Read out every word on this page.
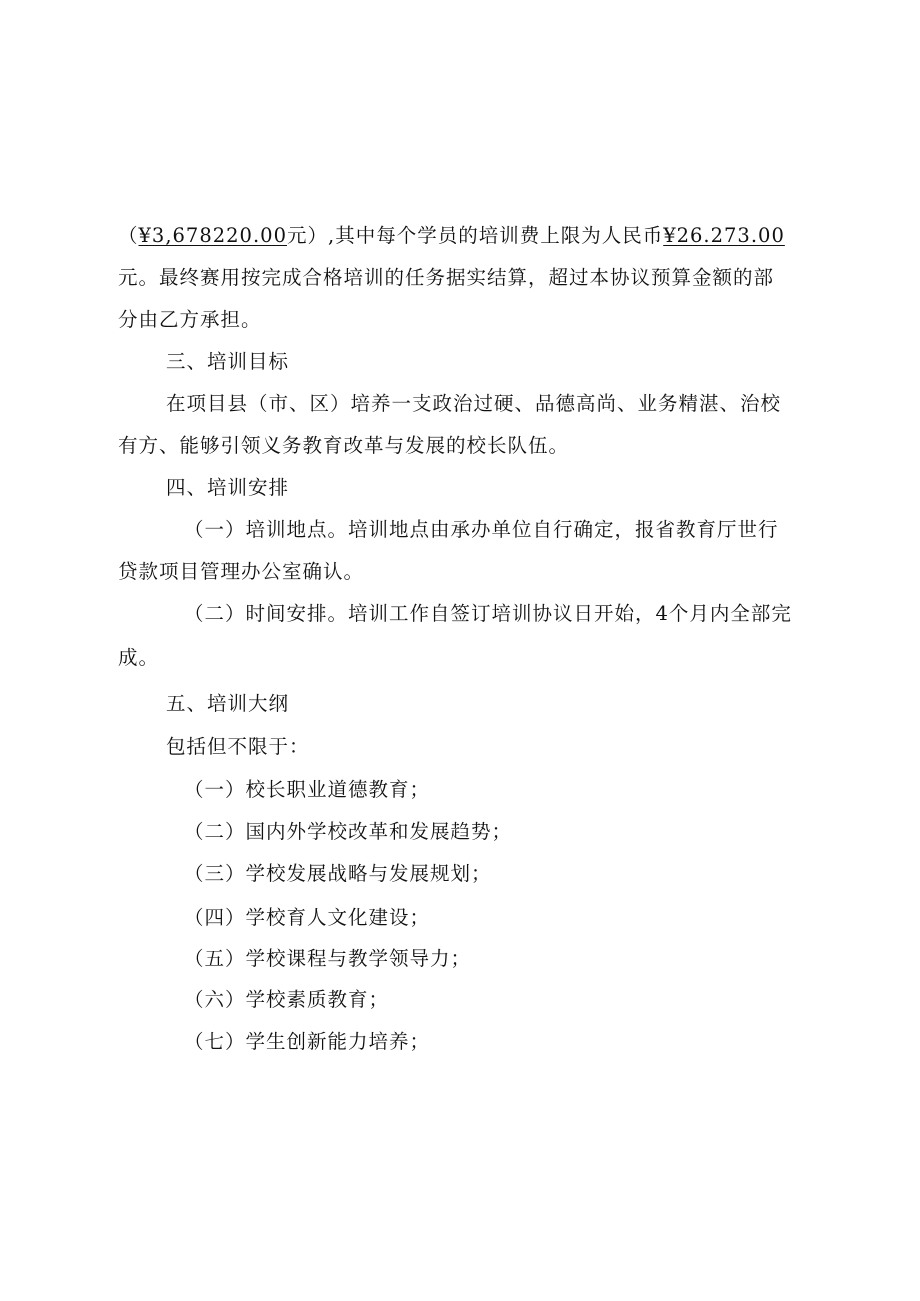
（¥3,678220.00元）,其中每个学员的培训费上限为人民币¥26.273.00
元。最终赛用按完成合格培训的任务据实结算，超过本协议预算金额的部
分由乙方承担。
三、培训目标
在项目县（市、区）培养一支政治过硬、品德高尚、业务精湛、治校
有方、能够引领义务教育改革与发展的校长队伍。
四、培训安排
（一）培训地点。培训地点由承办单位自行确定，报省教育厅世行
贷款项目管理办公室确认。
（二）时间安排。培训工作自签订培训协议日开始，4个月内全部完
成。
五、培训大纲
包括但不限于：
（一）校长职业道德教育；
（二）国内外学校改革和发展趋势；
（三）学校发展战略与发展规划；
（四）学校育人文化建设；
（五）学校课程与教学领导力；
（六）学校素质教育；
（七）学生创新能力培养；
